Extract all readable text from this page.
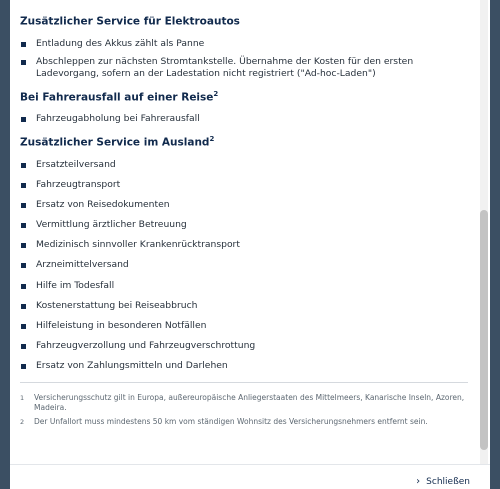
Zusätzlicher Service für Elektroautos
Entladung des Akkus zählt als Panne
Abschleppen zur nächsten Stromtankstelle. Übernahme der Kosten für den ersten Ladevorgang, sofern an der Ladestation nicht registriert ("Ad-hoc-Laden")
Bei Fahrerausfall auf einer Reise$^2$
Fahrzeugabholung bei Fahrerausfall
Zusätzlicher Service im Ausland$^2$
Ersatzteilversand
Fahrzeugtransport
Ersatz von Reisedokumenten
Vermittlung ärztlicher Betreuung
Medizinisch sinnvoller Krankenrücktransport
Arzneimittelversand
Hilfe im Todesfall
Kostenerstattung bei Reiseabbruch
Hilfeleistung in besonderen Notfällen
Fahrzeugverzollung und Fahrzeugverschrottung
Ersatz von Zahlungsmitteln und Darlehen
1 Versicherungsschutz gilt in Europa, außereuropäische Anliegerstaaten des Mittelmeers, Kanarische Inseln, Azoren, Madeira.
2 Der Unfallort muss mindestens 50 km vom ständigen Wohnsitz des Versicherungsnehmers entfernt sein.
› Schließen
